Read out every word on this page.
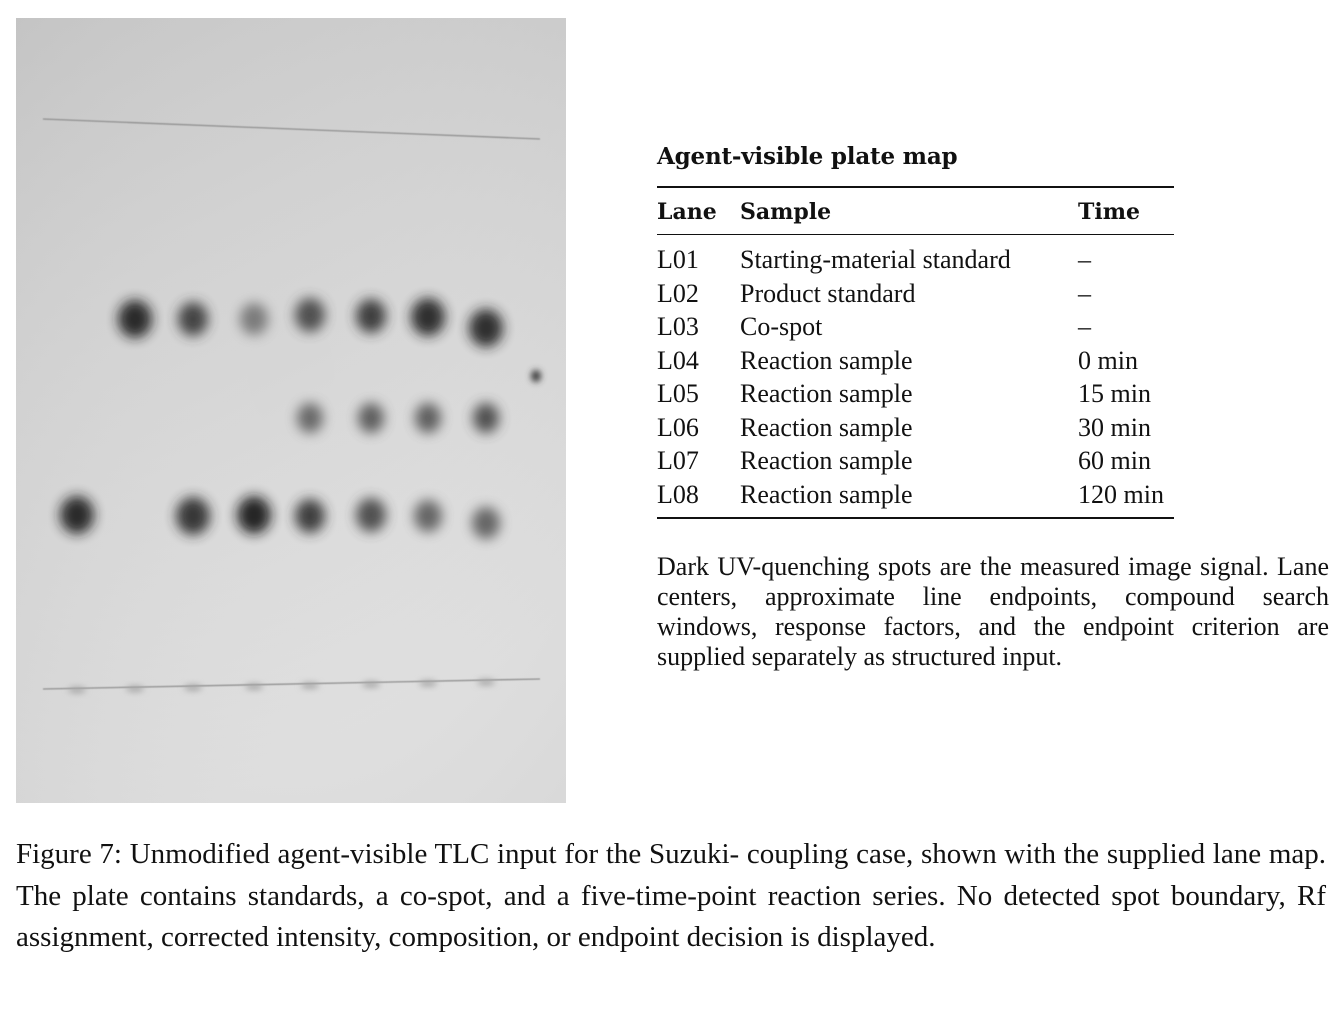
Agent-visible plate map
Lane	Sample	Time
L01	Starting-material standard	–
L02	Product standard	–
L03	Co-spot	–
L04	Reaction sample	0 min
L05	Reaction sample	15 min
L06	Reaction sample	30 min
L07	Reaction sample	60 min
L08	Reaction sample	120 min

Dark UV-quenching spots are the measured image signal. Lane centers, approximate line endpoints, compound search windows, response factors, and the endpoint criterion are supplied separately as structured input.

Figure 7: Unmodified agent-visible TLC input for the Suzuki- coupling case, shown with the supplied lane map. The plate contains standards, a co-spot, and a five-time-point reaction series. No detected spot boundary, Rf assignment, corrected intensity, composition, or endpoint decision is displayed.
